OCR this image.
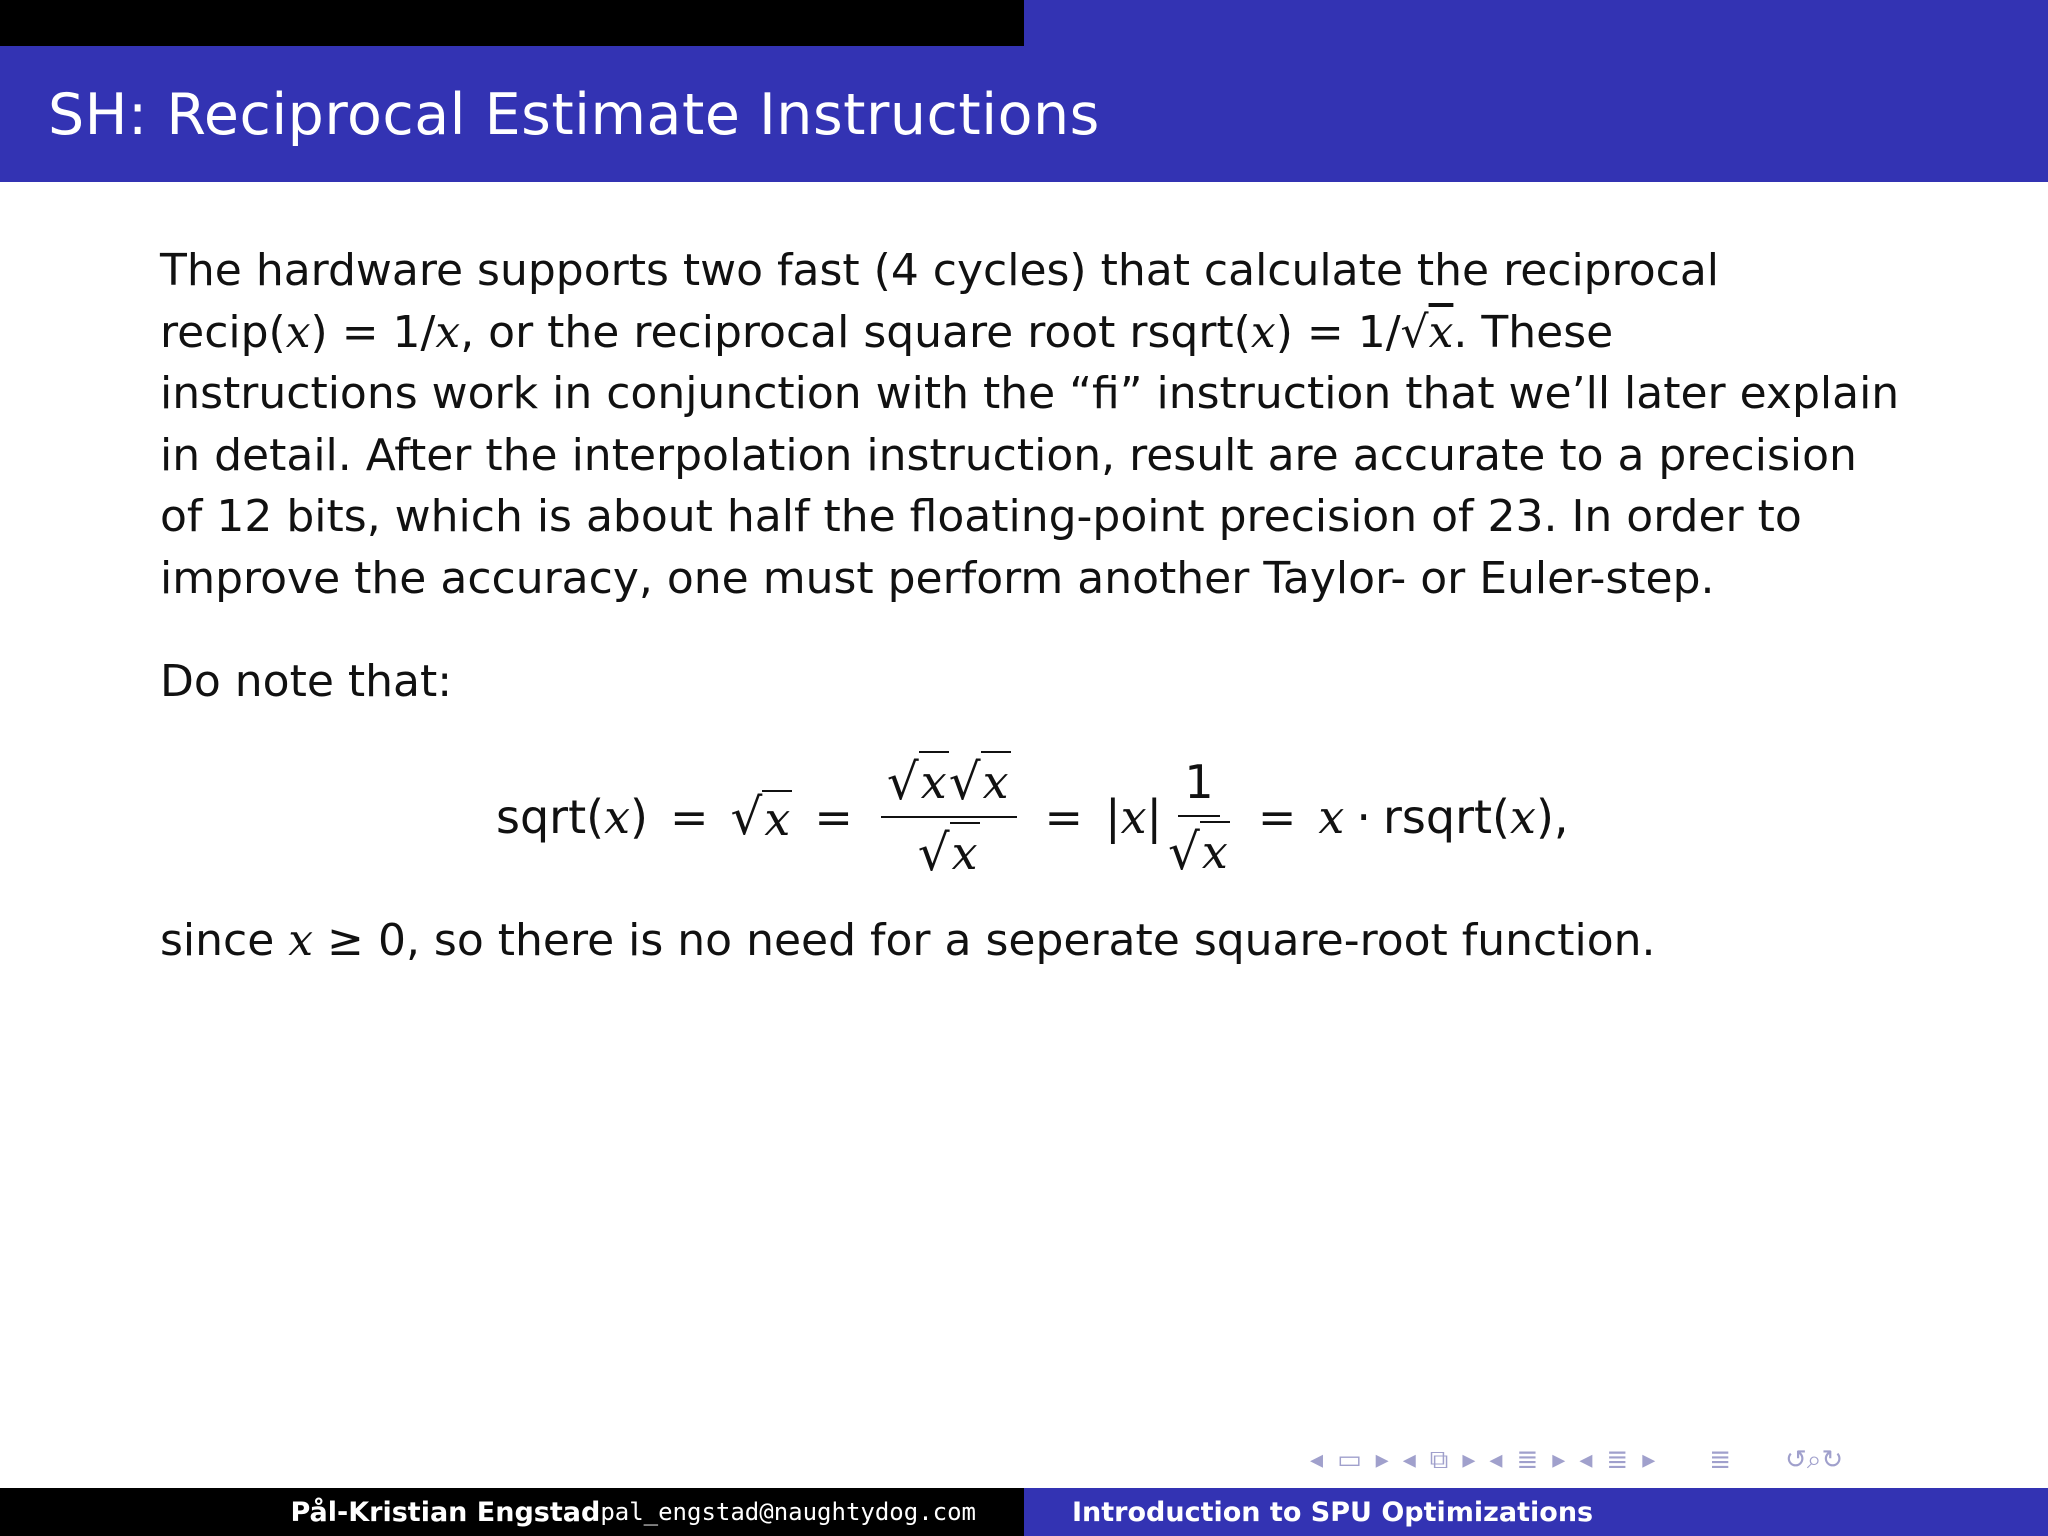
SH: Reciprocal Estimate Instructions

The hardware supports two fast (4 cycles) that calculate the reciprocal

recip(x) = 1/x, or the reciprocal square root rsqrt(x) = 1/√x. These

instructions work in conjunction with the “fi” instruction that we’ll later explain

in detail. After the interpolation instruction, result are accurate to a precision

of 12 bits, which is about half the floating-point precision of 23. In order to

improve the accuracy, one must perform another Taylor- or Euler-step.

Do note that:
sqrt( x ) = √ $x = \frac{√ x √ x}{√ x}$ = | x | $\frac{1}{√ x} = x$ · rsqrt( x ),
since x ≥ 0, so there is no need for a seperate square-root function.
◂ ▭ ▸ ◂ ⧉ ▸ ◂ ≣ ▸ ◂ ≣ ▸ ≣ ↺⌕↻
Pål-Kristian Engstad pal_engstad@naughtydog.com	Introduction to SPU Optimizations
